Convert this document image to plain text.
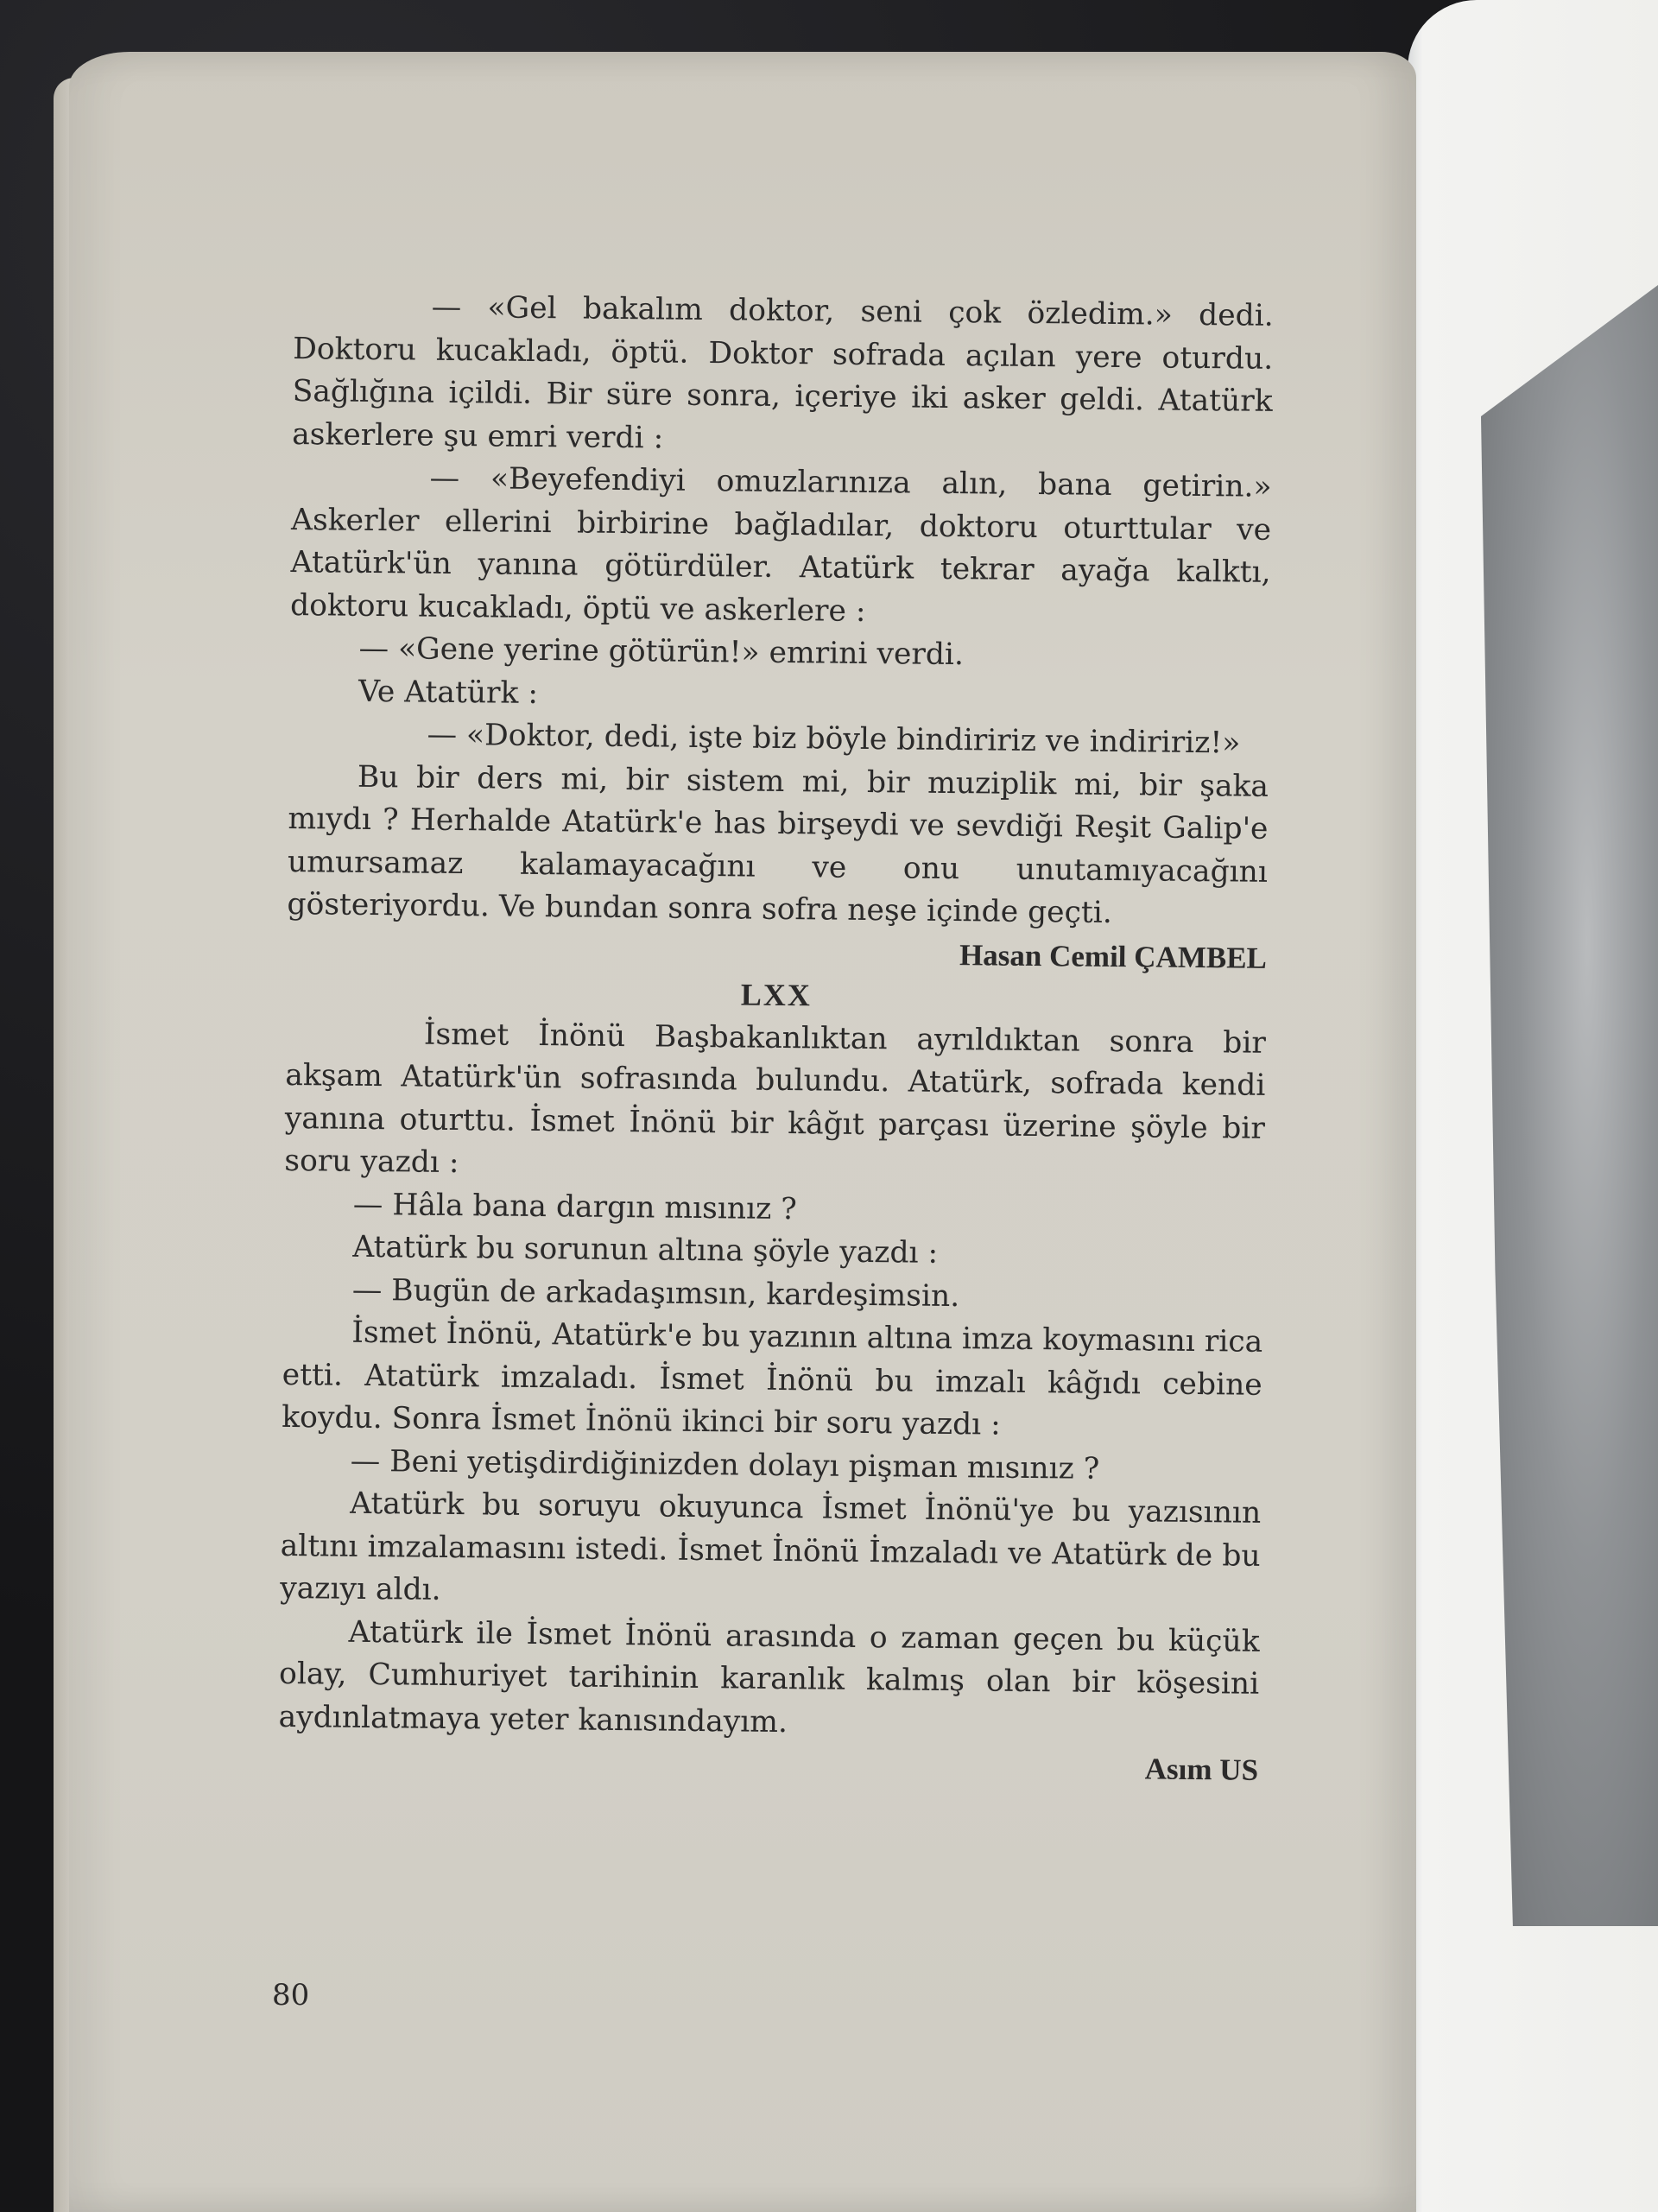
— «Gel bakalım doktor, seni çok özledim.» dedi. Doktoru kucakladı, öptü. Doktor sofrada açılan yere oturdu. Sağlığına içildi. Bir süre sonra, içeriye iki asker geldi. Atatürk askerlere şu emri verdi :

— «Beyefendiyi omuzlarınıza alın, bana getirin.» Askerler ellerini birbirine bağladılar, doktoru oturttular ve Atatürk'ün yanına götürdüler. Atatürk tekrar ayağa kalktı, doktoru kucakladı, öptü ve askerlere :

— «Gene yerine götürün!» emrini verdi.

Ve Atatürk :

— «Doktor, dedi, işte biz böyle bindiririz ve indiririz!»

Bu bir ders mi, bir sistem mi, bir muziplik mi, bir şaka mıydı ? Herhalde Atatürk'e has birşeydi ve sevdiği Reşit Galip'e umursamaz kalamayacağını ve onu unutamıyacağını gösteriyordu. Ve bundan sonra sofra neşe içinde geçti.

Hasan Cemil ÇAMBEL

LXX

İsmet İnönü Başbakanlıktan ayrıldıktan sonra bir akşam Atatürk'ün sofrasında bulundu. Atatürk, sofrada kendi yanına oturttu. İsmet İnönü bir kâğıt parçası üzerine şöyle bir soru yazdı :

— Hâla bana dargın mısınız ?

Atatürk bu sorunun altına şöyle yazdı :

— Bugün de arkadaşımsın, kardeşimsin.

İsmet İnönü, Atatürk'e bu yazının altına imza koymasını rica etti. Atatürk imzaladı. İsmet İnönü bu imzalı kâğıdı cebine koydu. Sonra İsmet İnönü ikinci bir soru yazdı :

— Beni yetişdirdiğinizden dolayı pişman mısınız ?

Atatürk bu soruyu okuyunca İsmet İnönü'ye bu yazısının altını imzalamasını istedi. İsmet İnönü İmzaladı ve Atatürk de bu yazıyı aldı.

Atatürk ile İsmet İnönü arasında o zaman geçen bu küçük olay, Cumhuriyet tarihinin karanlık kalmış olan bir köşesini aydınlatmaya yeter kanısındayım.

Asım US

80
